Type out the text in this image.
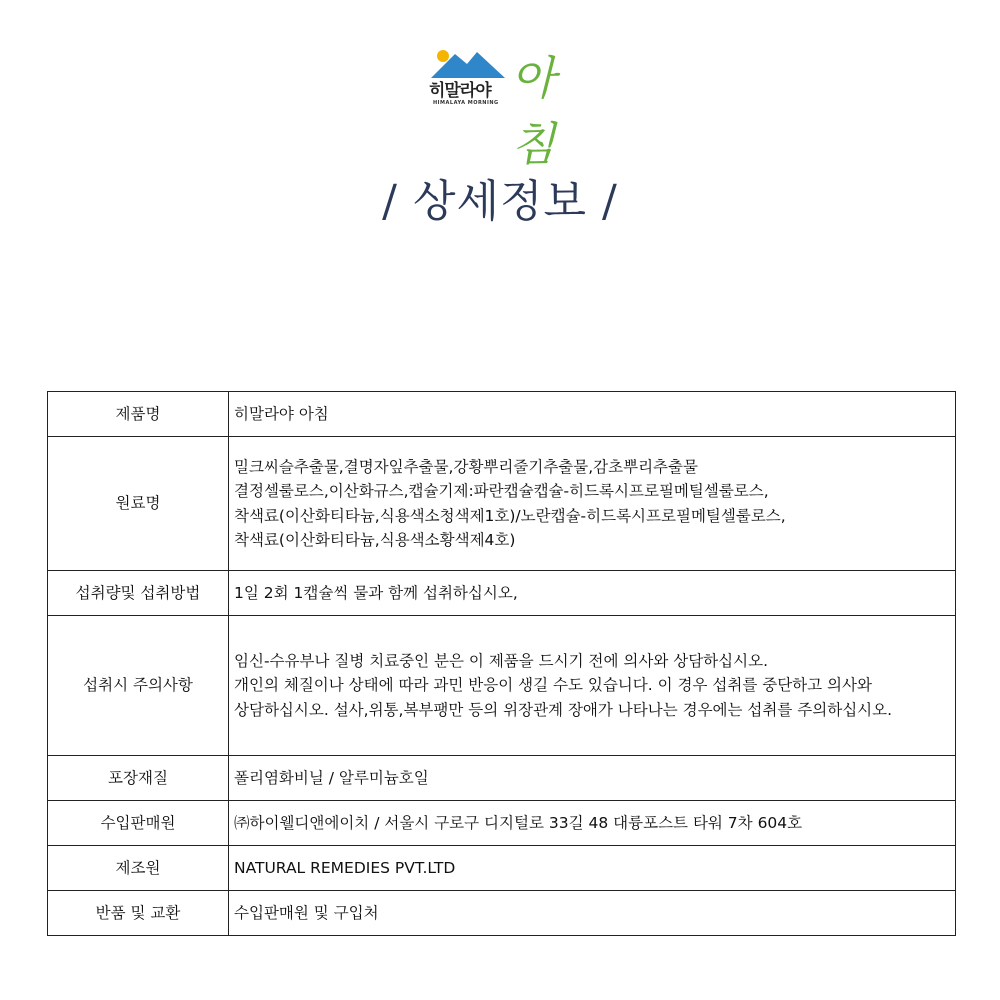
히말라야
HIMALAYA MORNING 아침
/ 상세정보 /
제품명	히말라야 아침

원료명	밀크씨슬추출물,결명자잎추출물,강황뿌리줄기추출물,감초뿌리추출물
결정셀룰로스,이산화규스,캡슐기제:파란캡슐캡슐-히드록시프로필메틸셀룰로스,
착색료(이산화티타늄,식용색소청색제1호)/노란캡슐-히드록시프로필메틸셀룰로스,
착색료(이산화티타늄,식용색소황색제4호)

섭취량및 섭취방법	1일 2회 1캡슐씩 물과 함께 섭취하십시오,

섭취시 주의사항	임신-수유부나 질병 치료중인 분은 이 제품을 드시기 전에 의사와 상담하십시오.
개인의 체질이나 상태에 따라 과민 반응이 생길 수도 있습니다. 이 경우 섭취를 중단하고 의사와
상담하십시오. 설사,위통,복부팽만 등의 위장관계 장애가 나타나는 경우에는 섭취를 주의하십시오.

포장재질	폴리염화비닐 / 알루미늄호일

수입판매원	㈜하이웰디앤에이치 / 서울시 구로구 디지털로 33길 48 대륭포스트 타워 7차 604호

제조원	NATURAL REMEDIES PVT.LTD

반품 및 교환	수입판매원 및 구입처
